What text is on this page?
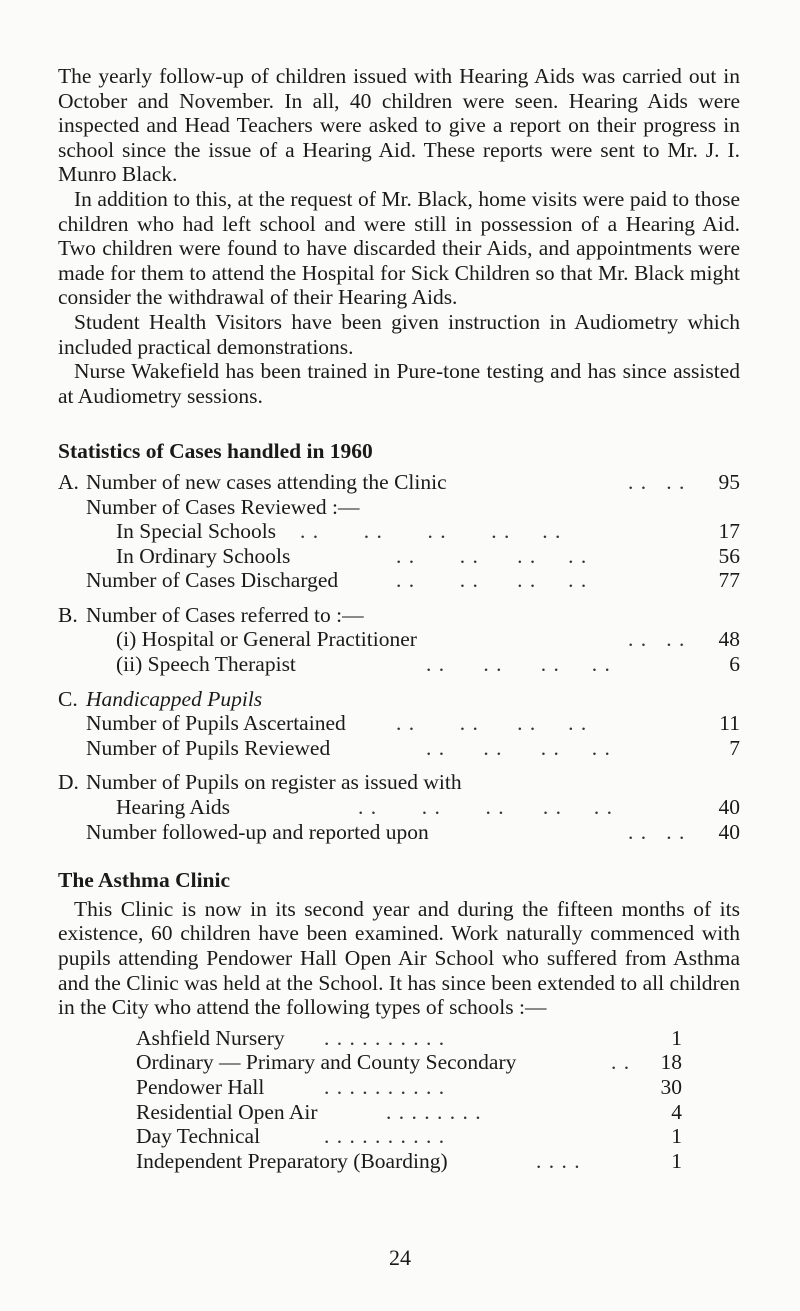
The yearly follow-up of children issued with Hearing Aids was carried out in October and November. In all, 40 children were seen. Hearing Aids were inspected and Head Teachers were asked to give a report on their progress in school since the issue of a Hearing Aid. These reports were sent to Mr. J. I. Munro Black.

In addition to this, at the request of Mr. Black, home visits were paid to those children who had left school and were still in possession of a Hearing Aid. Two children were found to have discarded their Aids, and appointments were made for them to attend the Hospital for Sick Children so that Mr. Black might consider the withdrawal of their Hearing Aids.

Student Health Visitors have been given instruction in Audiometry which included practical demonstrations.

Nurse Wakefield has been trained in Pure-tone testing and has since assisted at Audiometry sessions.

Statistics of Cases handled in 1960
A. Number of new cases attending the Clinic	. .   . . 95
Number of Cases Reviewed :—
In Special Schools . .       . .       . .       . .     . .	17
In Ordinary Schools	. .       . .      . .     . .	56
Number of Cases Discharged	. .       . .      . .     . .	77
B. Number of Cases referred to :—
(i) Hospital or General Practitioner	. .   . . 48
(ii) Speech Therapist	. .      . .      . .     . .	6
C. Handicapped Pupils
Number of Pupils Ascertained . .       . .      . .     . .	11
Number of Pupils Reviewed	. .      . .      . .     . .	7
D. Number of Pupils on register as issued with
Hearing Aids	. .       . .       . .      . .     . .	40
Number followed-up and reported upon	. .   . . 40
The Asthma Clinic

This Clinic is now in its second year and during the fifteen months of its existence, 60 children have been examined. Work naturally commenced with pupils attending Pendower Hall Open Air School who suffered from Asthma and the Clinic was held at the School. It has since been extended to all children in the City who attend the following types of schools :—

Ashfield Nursery . . . . . . . . . .	1
Ordinary — Primary and County Secondary	. . 18
Pendower Hall	. . . . . . . . . .	30
Residential Open Air	. . . . . . . .	4
Day Technical	. . . . . . . . . .	1
Independent Preparatory (Boarding)	. . . .	1
24
